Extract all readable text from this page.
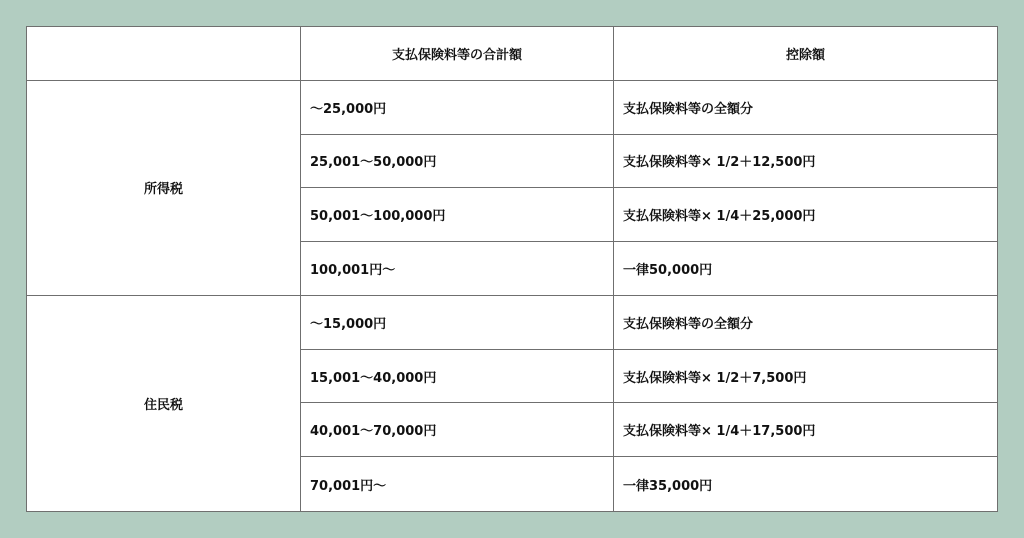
支払保険料等の合計額	控除額
所得税
〜25,000円	支払保険料等の全額分
25,001〜50,000円	支払保険料等× 1/2＋12,500円
50,001〜100,000円	支払保険料等× 1/4＋25,000円
100,001円〜	一律50,000円
住民税
〜15,000円	支払保険料等の全額分
15,001〜40,000円	支払保険料等× 1/2＋7,500円
40,001〜70,000円	支払保険料等× 1/4＋17,500円
70,001円〜	一律35,000円
